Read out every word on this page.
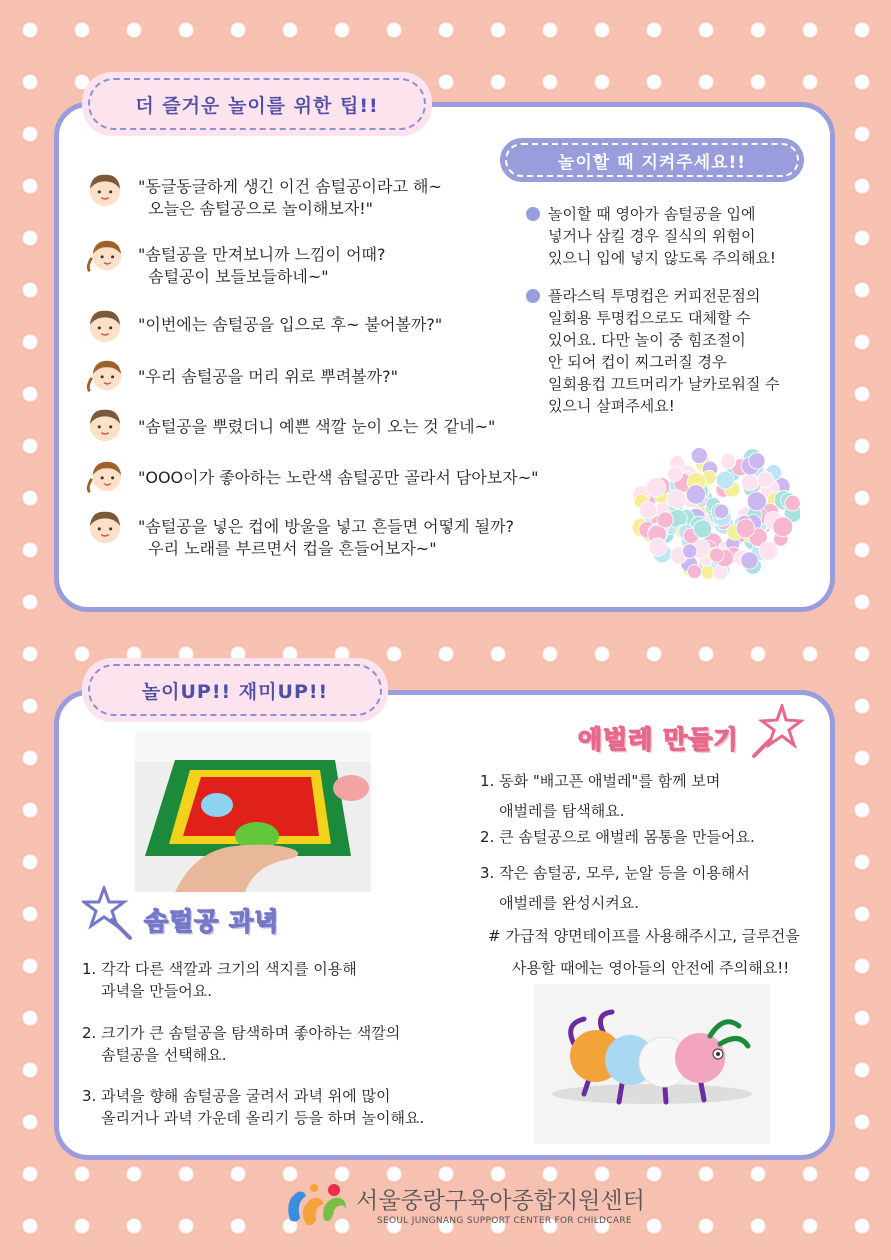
더 즐거운 놀이를 위한 팁!!
"동글동글하게 생긴 이건 솜털공이라고 해~
오늘은 솜털공으로 놀이해보자!"
"솜털공을 만져보니까 느낌이 어때?
솜털공이 보들보들하네~"
"이번에는 솜털공을 입으로 후~ 불어볼까?"
"우리 솜털공을 머리 위로 뿌려볼까?"
"솜털공을 뿌렸더니 예쁜 색깔 눈이 오는 것 같네~"
"OOO이가 좋아하는 노란색 솜털공만 골라서 담아보자~"
"솜털공을 넣은 컵에 방울을 넣고 흔들면 어떻게 될까?
우리 노래를 부르면서 컵을 흔들어보자~"
놀이할 때 지켜주세요!!
놀이할 때 영아가 솜털공을 입에
넣거나 삼킬 경우 질식의 위험이
있으니 입에 넣지 않도록 주의해요!
플라스틱 투명컵은 커피전문점의
일회용 투명컵으로도 대체할 수
있어요. 다만 놀이 중 힘조절이
안 되어 컵이 찌그러질 경우
일회용컵 끄트머리가 날카로워질 수
있으니 살펴주세요!
놀이UP!! 재미UP!!
솜털공 과녁
애벌레 만들기
1. 각각 다른 색깔과 크기의 색지를 이용해
과녁을 만들어요.
2. 크기가 큰 솜털공을 탐색하며 좋아하는 색깔의
솜털공을 선택해요.
3. 과녁을 향해 솜털공을 굴려서 과녁 위에 많이
올리거나 과녁 가운데 올리기 등을 하며 놀이해요.
1. 동화 "배고픈 애벌레"를 함께 보며
애벌레를 탐색해요.
2. 큰 솜털공으로 애벌레 몸통을 만들어요.
3. 작은 솜털공, 모루, 눈알 등을 이용해서
애벌레를 완성시켜요.
# 가급적 양면테이프를 사용해주시고, 글루건을
사용할 때에는 영아들의 안전에 주의해요!!
서울중랑구육아종합지원센터
SEOUL JUNGNANG SUPPORT CENTER FOR CHILDCARE
